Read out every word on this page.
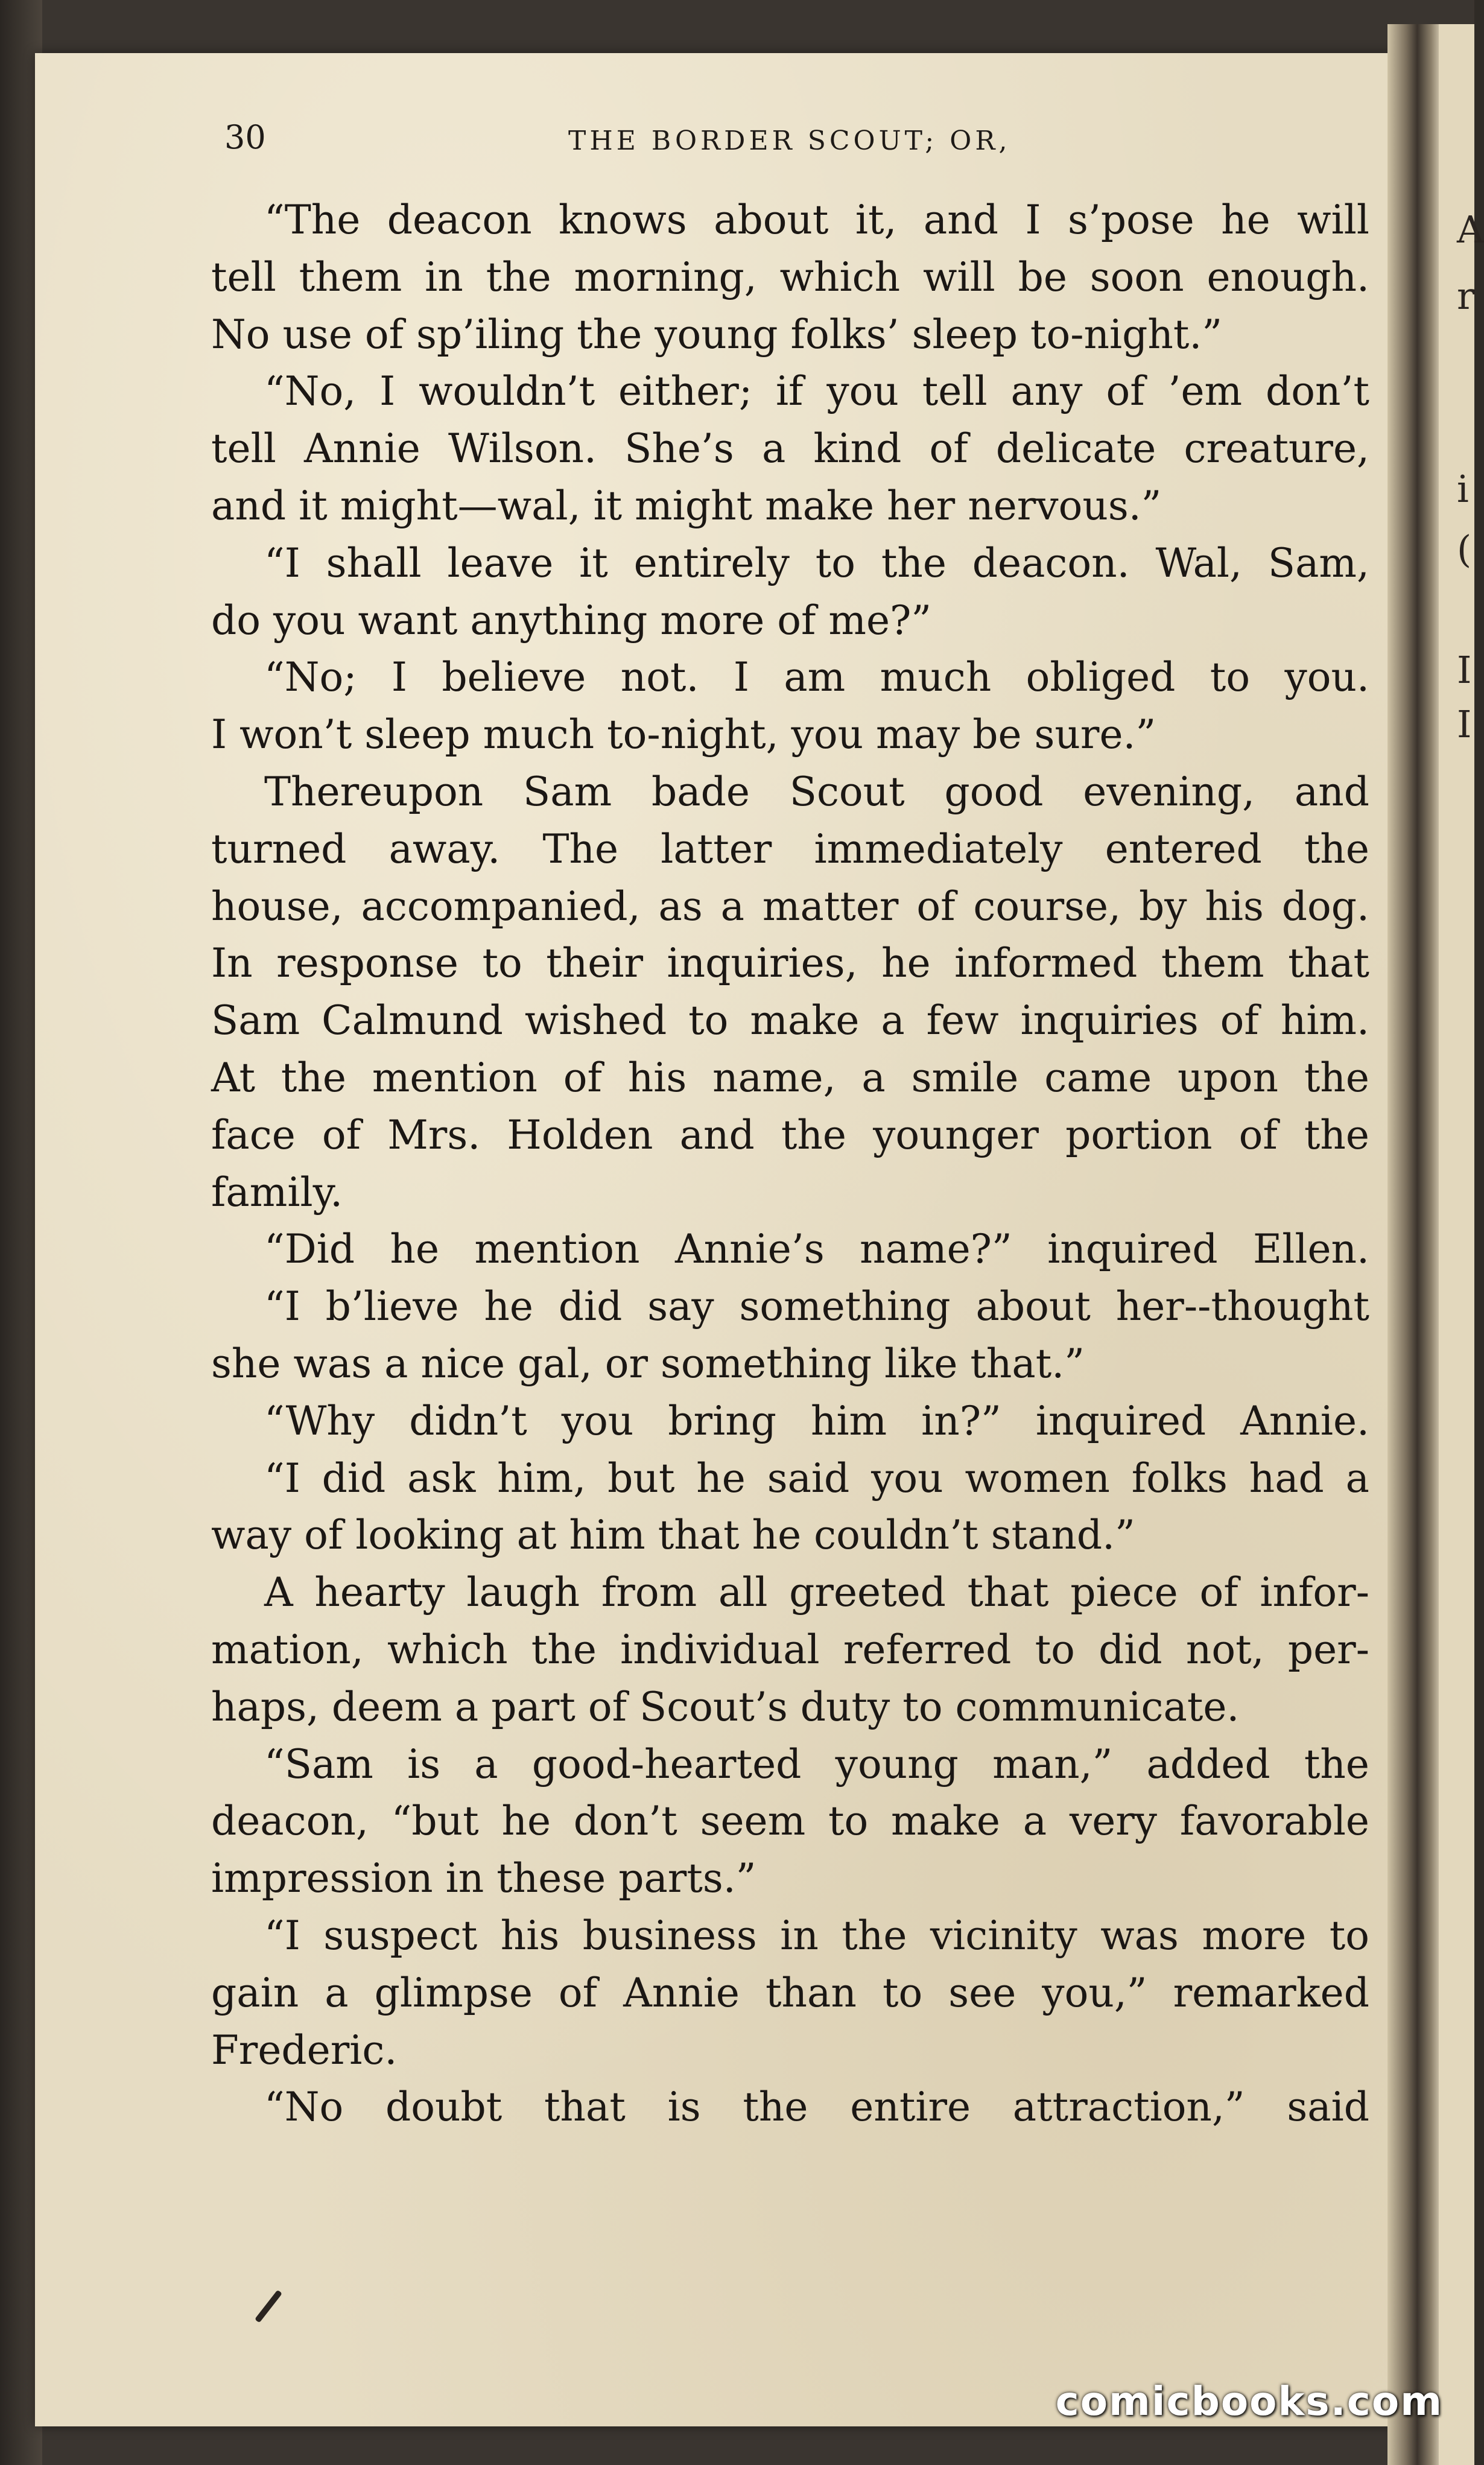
A
r
i
(
I
I
30	THE BORDER SCOUT; OR,
“The deacon knows about it, and I s’pose he will
tell them in the morning, which will be soon enough.
No use of sp’iling the young folks’ sleep to-night.”
“No, I wouldn’t either; if you tell any of ’em don’t
tell Annie Wilson. She’s a kind of delicate creature,
and it might—wal, it might make her nervous.”
“I shall leave it entirely to the deacon. Wal, Sam,
do you want anything more of me?”
“No; I believe not. I am much obliged to you.
I won’t sleep much to-night, you may be sure.”
Thereupon Sam bade Scout good evening, and
turned away. The latter immediately entered the
house, accompanied, as a matter of course, by his dog.
In response to their inquiries, he informed them that
Sam Calmund wished to make a few inquiries of him.
At the mention of his name, a smile came upon the
face of Mrs. Holden and the younger portion of the
family.
“Did he mention Annie’s name?” inquired Ellen.
“I b’lieve he did say something about her--thought
she was a nice gal, or something like that.”
“Why didn’t you bring him in?” inquired Annie.
“I did ask him, but he said you women folks had a
way of looking at him that he couldn’t stand.”
A hearty laugh from all greeted that piece of infor-
mation, which the individual referred to did not, per-
haps, deem a part of Scout’s duty to communicate.
“Sam is a good-hearted young man,” added the
deacon, “but he don’t seem to make a very favorable
impression in these parts.”
“I suspect his business in the vicinity was more to
gain a glimpse of Annie than to see you,” remarked
Frederic.
“No doubt that is the entire attraction,” said
comicbooks.com
